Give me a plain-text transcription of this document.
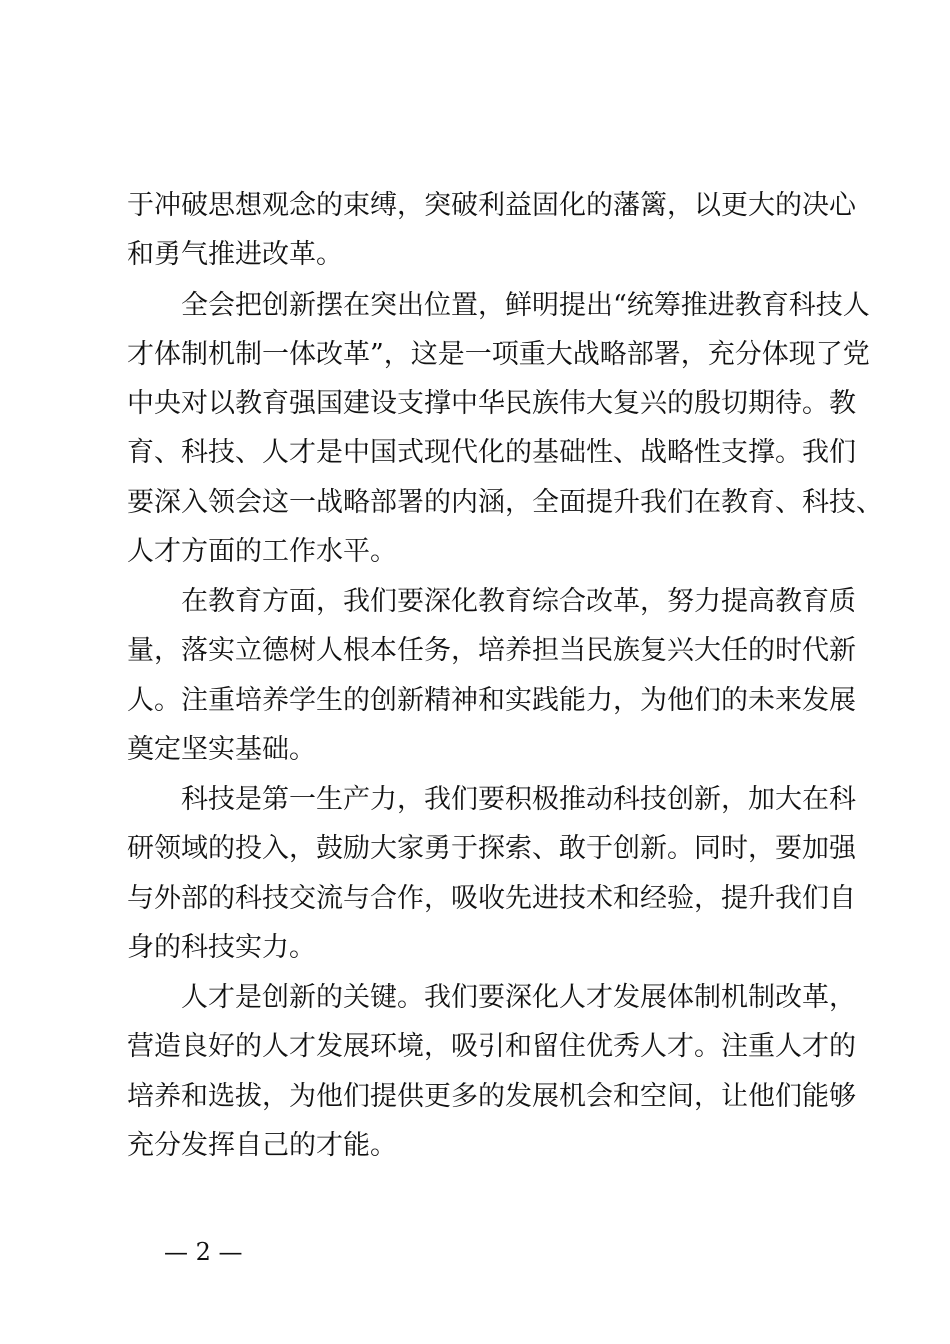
于冲破思想观念的束缚，突破利益固化的藩篱，以更大的决心
和勇气推进改革。
全会把创新摆在突出位置，鲜明提出“统筹推进教育科技人
才体制机制一体改革”，这是一项重大战略部署，充分体现了党
中央对以教育强国建设支撑中华民族伟大复兴的殷切期待。教
育、科技、人才是中国式现代化的基础性、战略性支撑。我们
要深入领会这一战略部署的内涵，全面提升我们在教育、科技、
人才方面的工作水平。
在教育方面，我们要深化教育综合改革，努力提高教育质
量，落实立德树人根本任务，培养担当民族复兴大任的时代新
人。注重培养学生的创新精神和实践能力，为他们的未来发展
奠定坚实基础。
科技是第一生产力，我们要积极推动科技创新，加大在科
研领域的投入，鼓励大家勇于探索、敢于创新。同时，要加强
与外部的科技交流与合作，吸收先进技术和经验，提升我们自
身的科技实力。
人才是创新的关键。我们要深化人才发展体制机制改革，
营造良好的人才发展环境，吸引和留住优秀人才。注重人才的
培养和选拔，为他们提供更多的发展机会和空间，让他们能够
充分发挥自己的才能。
— 2 —
